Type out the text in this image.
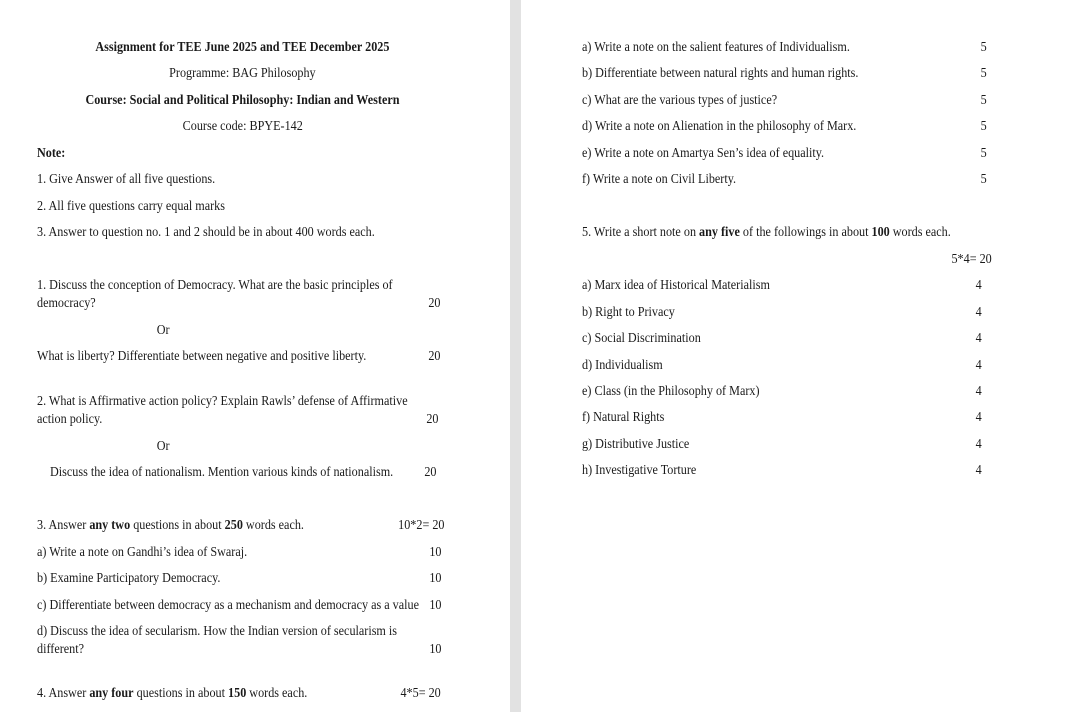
Assignment for TEE June 2025 and TEE December 2025
Programme: BAG Philosophy
Course: Social and Political Philosophy: Indian and Western
Course code: BPYE-142
Note:
1. Give Answer of all five questions.
2. All five questions carry equal marks
3. Answer to question no. 1 and 2 should be in about 400 words each.
1. Discuss the conception of Democracy. What are the basic principles of
democracy?	20
Or
What is liberty? Differentiate between negative and positive liberty.	20
2. What is Affirmative action policy? Explain Rawls’ defense of Affirmative
action policy.	20
Or
Discuss the idea of nationalism. Mention various kinds of nationalism. 20
3. Answer any two questions in about 250 words each.	10*2= 20
a) Write a note on Gandhi’s idea of Swaraj.	10
b) Examine Participatory Democracy.	10
c) Differentiate between democracy as a mechanism and democracy as a value 10
d) Discuss the idea of secularism. How the Indian version of secularism is
different?	10
4. Answer any four questions in about 150 words each.	4*5= 20
a) Write a note on the salient features of Individualism.	5
b) Differentiate between natural rights and human rights.	5
c) What are the various types of justice?	5
d) Write a note on Alienation in the philosophy of Marx.	5
e) Write a note on Amartya Sen’s idea of equality.	5
f) Write a note on Civil Liberty.	5
5. Write a short note on any five of the followings in about 100 words each.
5*4= 20
a) Marx idea of Historical Materialism	4
b) Right to Privacy	4
c) Social Discrimination	4
d) Individualism	4
e) Class (in the Philosophy of Marx)	4
f) Natural Rights	4
g) Distributive Justice	4
h) Investigative Torture	4
